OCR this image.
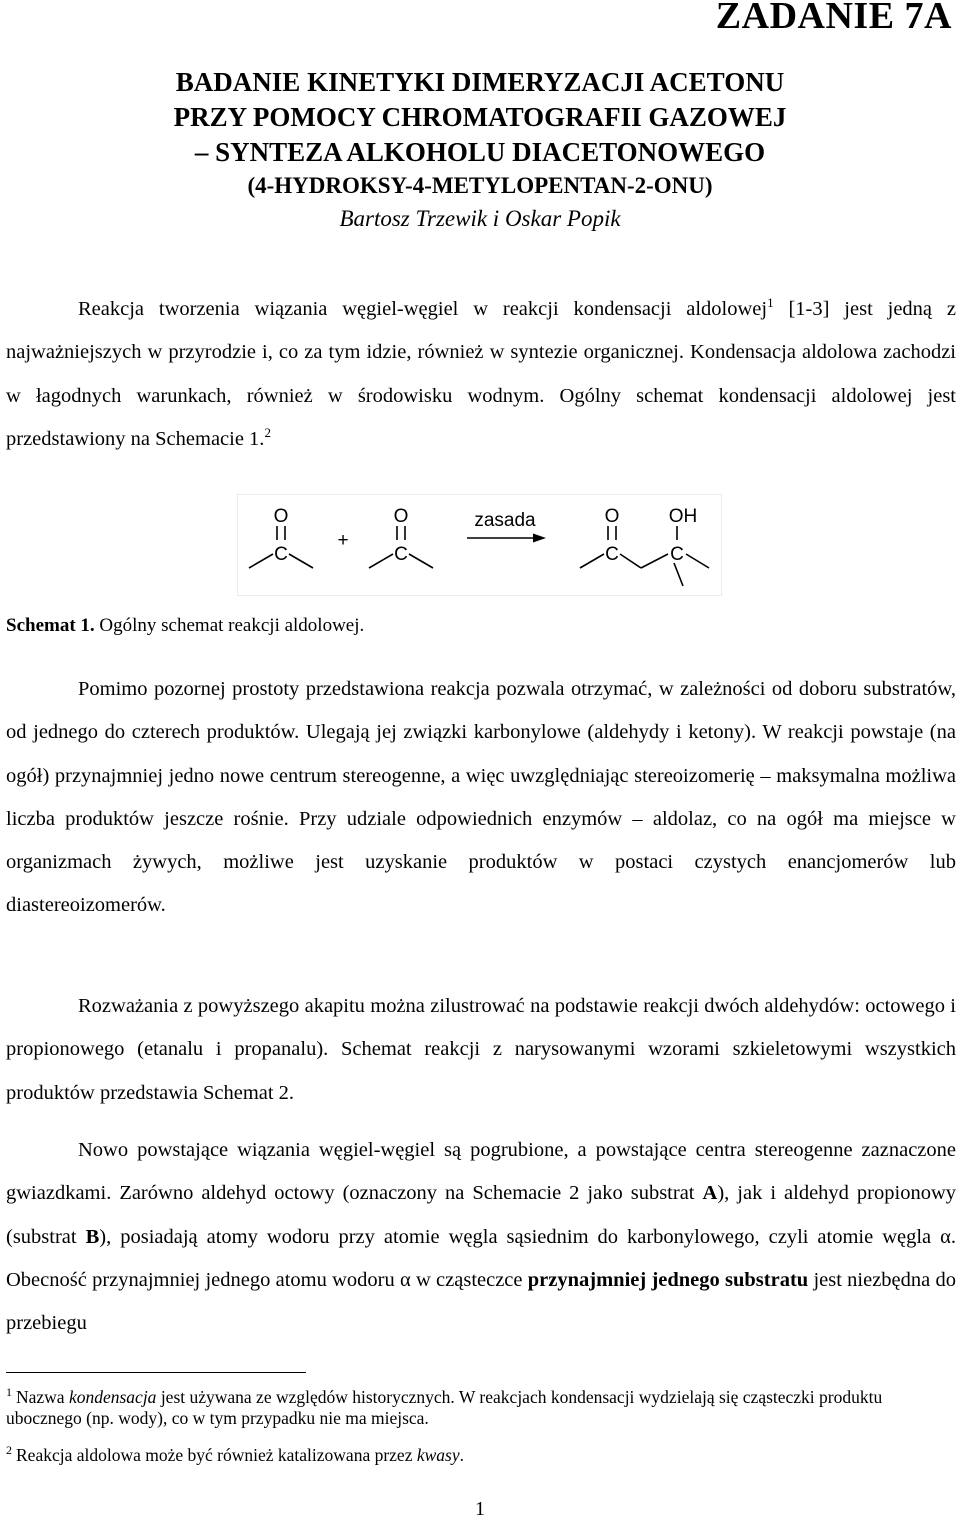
ZADANIE 7A
BADANIE KINETYKI DIMERYZACJI ACETONU
PRZY POMOCY CHROMATOGRAFII GAZOWEJ
– SYNTEZA ALKOHOLU DIACETONOWEGO
(4-HYDROKSY-4-METYLOPENTAN-2-ONU)
Bartosz Trzewik i Oskar Popik

Reakcja tworzenia wiązania węgiel-węgiel w reakcji kondensacji aldolowej$^1$ [1-3] jest jedną z najważniejszych w przyrodzie i, co za tym idzie, również w syntezie organicznej. Kondensacja aldolowa zachodzi w łagodnych warunkach, również w środowisku wodnym. Ogólny schemat kondensacji aldolowej jest przedstawiony na Schemacie 1.$^2$

O
C
+
O
C
zasada	O
C
OH
C
Schemat 1. Ogólny schemat reakcji aldolowej.

Pomimo pozornej prostoty przedstawiona reakcja pozwala otrzymać, w zależności od doboru substratów, od jednego do czterech produktów. Ulegają jej związki karbonylowe (aldehydy i ketony). W reakcji powstaje (na ogół) przynajmniej jedno nowe centrum stereogenne, a więc uwzględniając stereoizomerię – maksymalna możliwa liczba produktów jeszcze rośnie. Przy udziale odpowiednich enzymów – aldolaz, co na ogół ma miejsce w organizmach żywych, możliwe jest uzyskanie produktów w postaci czystych enancjomerów lub diastereoizomerów.

Rozważania z powyższego akapitu można zilustrować na podstawie reakcji dwóch aldehydów: octowego i propionowego (etanalu i propanalu). Schemat reakcji z narysowanymi wzorami szkieletowymi wszystkich produktów przedstawia Schemat 2.

Nowo powstające wiązania węgiel-węgiel są pogrubione, a powstające centra stereogenne zaznaczone gwiazdkami. Zarówno aldehyd octowy (oznaczony na Schemacie 2 jako substrat A), jak i aldehyd propionowy (substrat B), posiadają atomy wodoru przy atomie węgla sąsiednim do karbonylowego, czyli atomie węgla α. Obecność przynajmniej jednego atomu wodoru α w cząsteczce przynajmniej jednego substratu jest niezbędna do przebiegu

$^1$ Nazwa kondensacja jest używana ze względów historycznych. W reakcjach kondensacji wydzielają się cząsteczki produktu ubocznego (np. wody), co w tym przypadku nie ma miejsca.
$^2$ Reakcja aldolowa może być również katalizowana przez kwasy.
1
